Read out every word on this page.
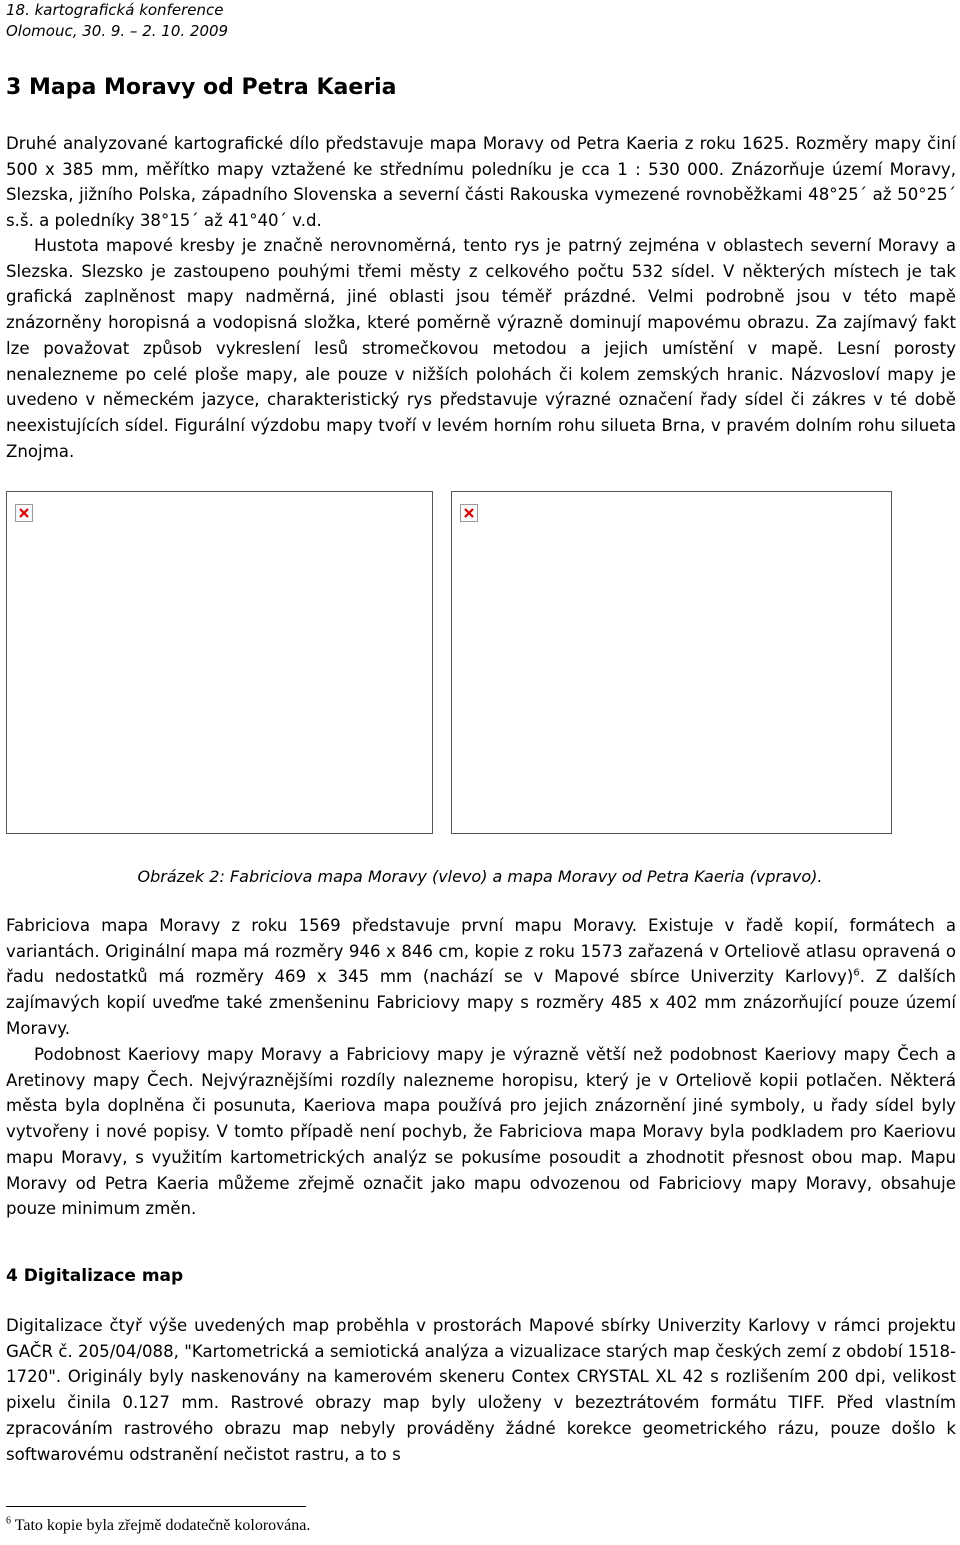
18. kartografická konference
Olomouc, 30. 9. – 2. 10. 2009
3 Mapa Moravy od Petra Kaeria

Druhé analyzované kartografické dílo představuje mapa Moravy od Petra Kaeria z roku 1625. Rozměry mapy činí 500 x 385 mm, měřítko mapy vztažené ke střednímu poledníku je cca 1 : 530 000. Znázorňuje území Moravy, Slezska, jižního Polska, západního Slovenska a severní části Rakouska vymezené rovnoběžkami 48°25´ až 50°25´ s.š. a poledníky 38°15´ až 41°40´ v.d.

Hustota mapové kresby je značně nerovnoměrná, tento rys je patrný zejména v oblastech severní Moravy a Slezska. Slezsko je zastoupeno pouhými třemi městy z celkového počtu 532 sídel. V některých místech je tak grafická zaplněnost mapy nadměrná, jiné oblasti jsou téměř prázdné. Velmi podrobně jsou v této mapě znázorněny horopisná a vodopisná složka, které poměrně výrazně dominují mapovému obrazu. Za zajímavý fakt lze považovat způsob vykreslení lesů stromečkovou metodou a jejich umístění v mapě. Lesní porosty nenalezneme po celé ploše mapy, ale pouze v nižších polohách či kolem zemských hranic. Názvosloví mapy je uvedeno v německém jazyce, charakteristický rys představuje výrazné označení řady sídel či zákres v té době neexistujících sídel. Figurální výzdobu mapy tvoří v levém horním rohu silueta Brna, v pravém dolním rohu silueta Znojma.

Obrázek 2: Fabriciova mapa Moravy (vlevo) a mapa Moravy od Petra Kaeria (vpravo).

Fabriciova mapa Moravy z roku 1569 představuje první mapu Moravy. Existuje v řadě kopií, formátech a variantách. Originální mapa má rozměry 946 x 846 cm, kopie z roku 1573 zařazená v Orteliově atlasu opravená o řadu nedostatků má rozměry 469 x 345 mm (nachází se v Mapové sbírce Univerzity Karlovy)$^6$. Z dalších zajímavých kopií uveďme také zmenšeninu Fabriciovy mapy s rozměry 485 x 402 mm znázorňující pouze území Moravy.

Podobnost Kaeriovy mapy Moravy a Fabriciovy mapy je výrazně větší než podobnost Kaeriovy mapy Čech a Aretinovy mapy Čech. Nejvýraznějšími rozdíly nalezneme horopisu, který je v Orteliově kopii potlačen. Některá města byla doplněna či posunuta, Kaeriova mapa používá pro jejich znázornění jiné symboly, u řady sídel byly vytvořeny i nové popisy. V tomto případě není pochyb, že Fabriciova mapa Moravy byla podkladem pro Kaeriovu mapu Moravy, s využitím kartometrických analýz se pokusíme posoudit a zhodnotit přesnost obou map. Mapu Moravy od Petra Kaeria můžeme zřejmě označit jako mapu odvozenou od Fabriciovy mapy Moravy, obsahuje pouze minimum změn.

4 Digitalizace map

Digitalizace čtyř výše uvedených map proběhla v prostorách Mapové sbírky Univerzity Karlovy v rámci projektu GAČR č. 205/04/088, "Kartometrická a semiotická analýza a vizualizace starých map českých zemí z období 1518-1720". Originály byly naskenovány na kamerovém skeneru Contex CRYSTAL XL 42 s rozlišením 200 dpi, velikost pixelu činila 0.127 mm. Rastrové obrazy map byly uloženy v bezeztrátovém formátu TIFF. Před vlastním zpracováním rastrového obrazu map nebyly prováděny žádné korekce geometrického rázu, pouze došlo k softwarovému odstranění nečistot rastru, a to s

$^6$ Tato kopie byla zřejmě dodatečně kolorována.
